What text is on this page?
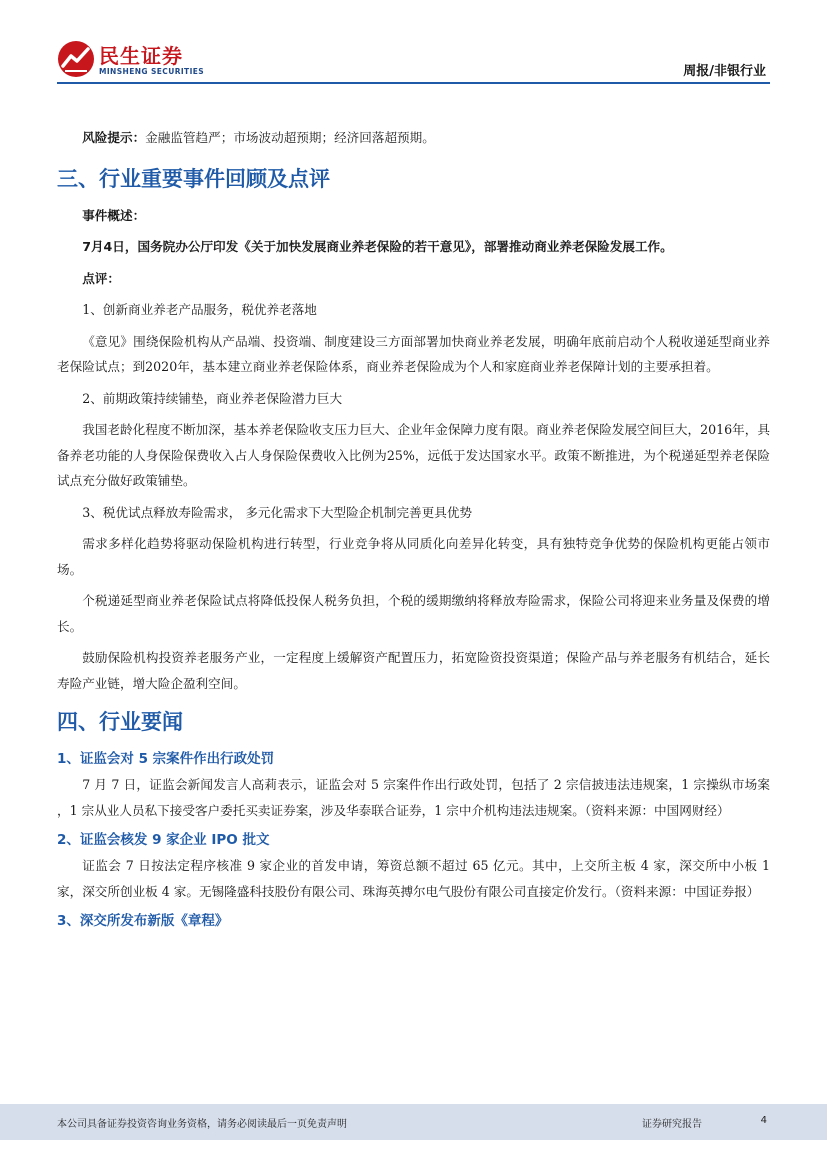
民生证券
MINSHENG SECURITIES	周报/非银行业

风险提示：金融监管趋严；市场波动超预期；经济回落超预期。

三、行业重要事件回顾及点评

事件概述：

7月4日，国务院办公厅印发《关于加快发展商业养老保险的若干意见》，部署推动商业养老保险发展工作。

点评：

1、创新商业养老产品服务，税优养老落地

《意见》围绕保险机构从产品端、投资端、制度建设三方面部署加快商业养老发展，明确年底前启动个人税收递延型商业养老保险试点；到2020年，基本建立商业养老保险体系，商业养老保险成为个人和家庭商业养老保障计划的主要承担着。

2、前期政策持续铺垫，商业养老保险潜力巨大

我国老龄化程度不断加深，基本养老保险收支压力巨大、企业年金保障力度有限。商业养老保险发展空间巨大，2016年，具备养老功能的人身保险保费收入占人身保险保费收入比例为25%，远低于发达国家水平。政策不断推进，为个税递延型养老保险试点充分做好政策铺垫。

3、税优试点释放寿险需求， 多元化需求下大型险企机制完善更具优势

需求多样化趋势将驱动保险机构进行转型，行业竞争将从同质化向差异化转变，具有独特竞争优势的保险机构更能占领市场。

个税递延型商业养老保险试点将降低投保人税务负担，个税的缓期缴纳将释放寿险需求，保险公司将迎来业务量及保费的增长。

鼓励保险机构投资养老服务产业，一定程度上缓解资产配置压力，拓宽险资投资渠道；保险产品与养老服务有机结合，延长寿险产业链，增大险企盈利空间。

四、行业要闻
1、证监会对 5 宗案件作出行政处罚

7 月 7 日，证监会新闻发言人高莉表示，证监会对 5 宗案件作出行政处罚，包括了 2 宗信披违法违规案，1 宗操纵市场案 ，1 宗从业人员私下接受客户委托买卖证券案，涉及华泰联合证券，1 宗中介机构违法违规案。（资料来源：中国网财经）

2、证监会核发 9 家企业 IPO 批文

证监会 7 日按法定程序核准 9 家企业的首发申请，筹资总额不超过 65 亿元。其中，上交所主板 4 家，深交所中小板 1 家，深交所创业板 4 家。无锡隆盛科技股份有限公司、珠海英搏尔电气股份有限公司直接定价发行。（资料来源：中国证券报）

3、深交所发布新版《章程》
本公司具备证券投资咨询业务资格，请务必阅读最后一页免责声明	证券研究报告	4
